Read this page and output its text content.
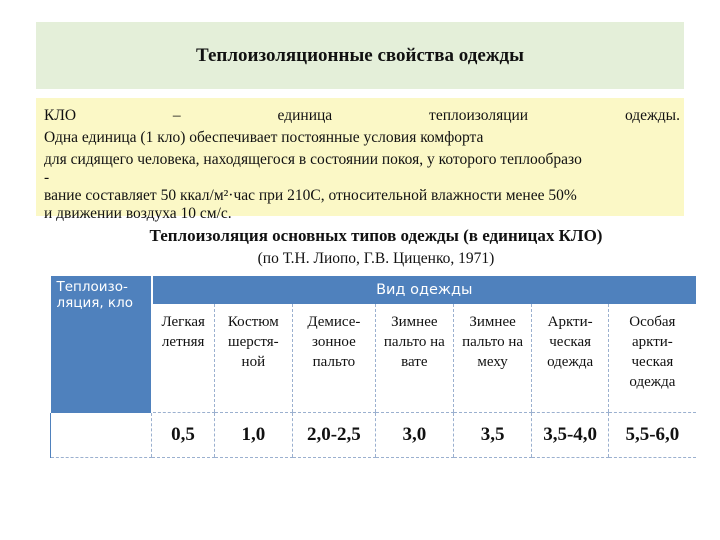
Теплоизоляционные свойства одежды
КЛО	–	единица	теплоизоляции	одежды.
Одна единица (1 кло) обеспечивает постоянные условия комфорта
для сидящего человека, находящегося в состоянии покоя, у которого теплообразо
-
вание составляет 50 ккал/м²·час при 210С, относительной влажности менее 50%
и движении воздуха 10 см/с.
Теплоизоляция основных типов одежды (в единицах КЛО)
(по Т.Н. Лиопо, Г.В. Циценко, 1971)
Теплоизо-ляция, кло	Вид одежды						
	Легкая летняя	Костюм шерстя-ной	Демисе-зонное пальто	Зимнее пальто на вате	Зимнее пальто на меху	Аркти-ческая одежда	Особая аркти-ческая одежда
	0,5	1,0	2,0-2,5	3,0	3,5	3,5-4,0	5,5-6,0
